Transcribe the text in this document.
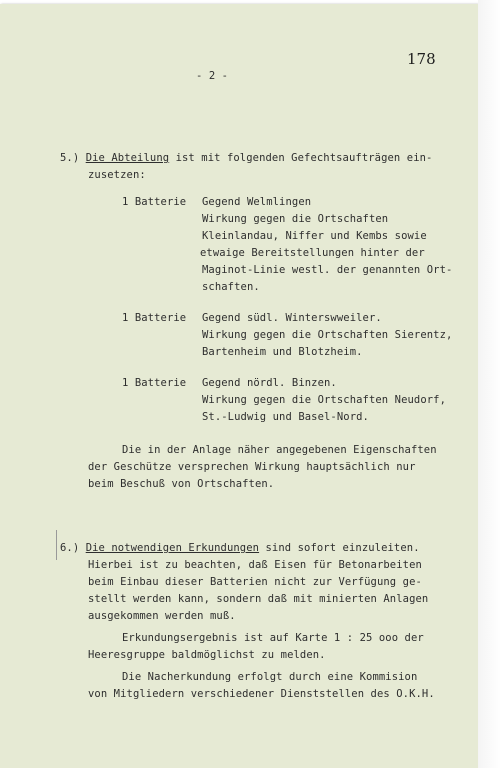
178
- 2 -
5.) Die Abteilung ist mit folgenden Gefechtsaufträgen ein-
zusetzen:
1 Batterie Gegend Welmlingen
Wirkung gegen die Ortschaften
Kleinlandau, Niffer und Kembs sowie
etwaige Bereitstellungen hinter der
Maginot-Linie westl. der genannten Ort-
schaften.
1 Batterie Gegend südl. Winterswweiler.
Wirkung gegen die Ortschaften Sierentz,
Bartenheim und Blotzheim.
1 Batterie Gegend nördl. Binzen.
Wirkung gegen die Ortschaften Neudorf,
St.-Ludwig und Basel-Nord.
Die in der Anlage näher angegebenen Eigenschaften
der Geschütze versprechen Wirkung hauptsächlich nur
beim Beschuß von Ortschaften.
6.) Die notwendigen Erkundungen sind sofort einzuleiten.
Hierbei ist zu beachten, daß Eisen für Betonarbeiten
beim Einbau dieser Batterien nicht zur Verfügung ge-
stellt werden kann, sondern daß mit minierten Anlagen
ausgekommen werden muß.
Erkundungsergebnis ist auf Karte 1 : 25 ooo der
Heeresgruppe baldmöglichst zu melden.
Die Nacherkundung erfolgt durch eine Kommision
von Mitgliedern verschiedener Dienststellen des O.K.H.
